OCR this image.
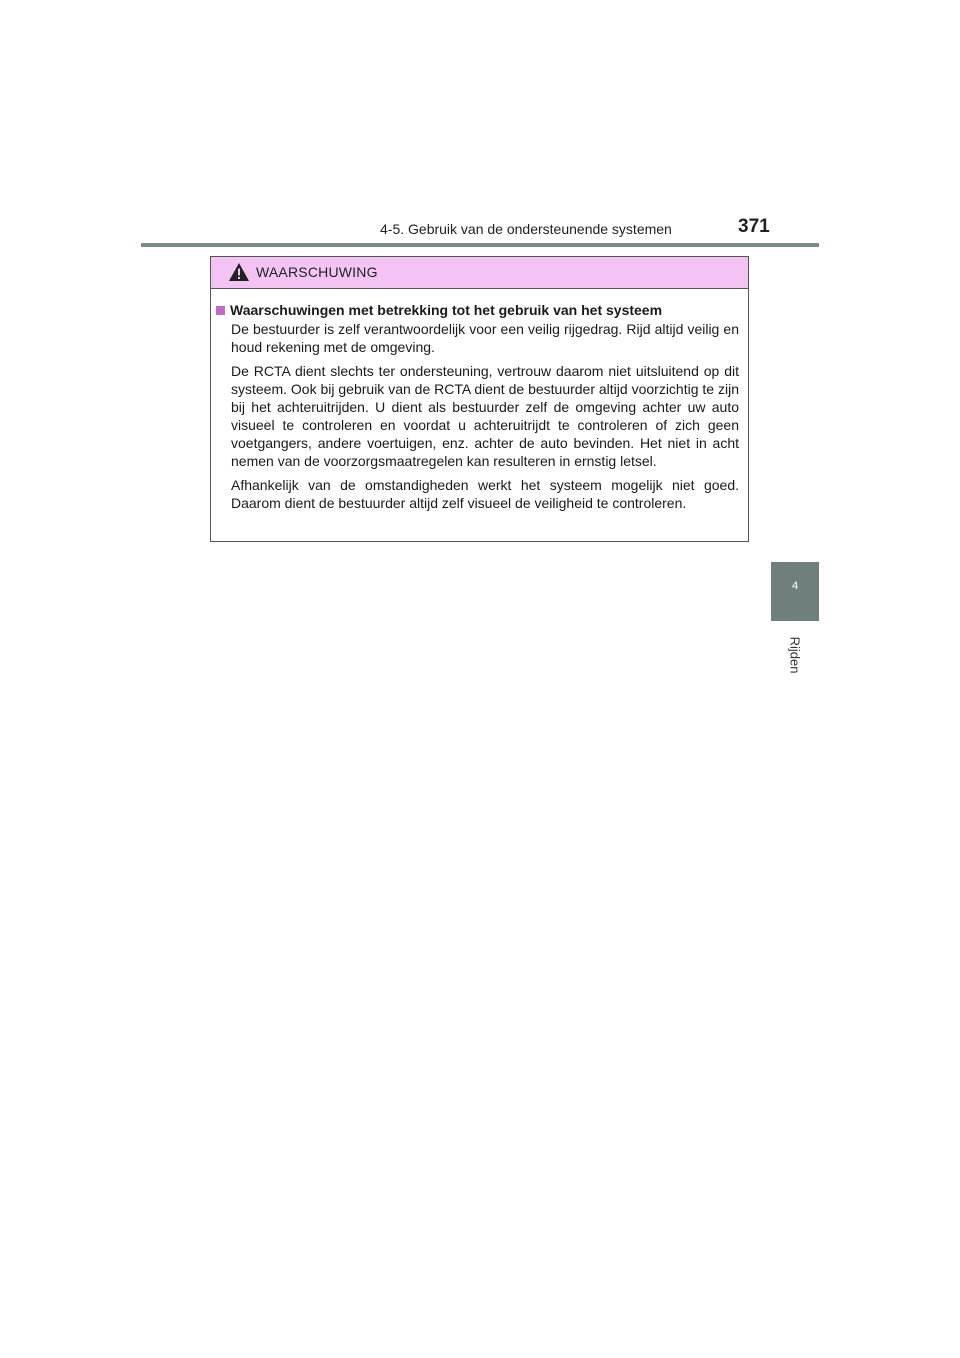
4-5. Gebruik van de ondersteunende systemen	371
4
Rijden
WAARSCHUWING
Waarschuwingen met betrekking tot het gebruik van het systeem

De bestuurder is zelf verantwoordelijk voor een veilig rijgedrag. Rijd altijd veilig en houd rekening met de omgeving.

De RCTA dient slechts ter ondersteuning, vertrouw daarom niet uitsluitend op dit systeem. Ook bij gebruik van de RCTA dient de bestuurder altijd voorzichtig te zijn bij het achteruitrijden. U dient als bestuurder zelf de omgeving achter uw auto visueel te controleren en voordat u achteruitrijdt te controleren of zich geen voetgangers, andere voertuigen, enz. achter de auto bevinden. Het niet in acht nemen van de voorzorgsmaatregelen kan resulteren in ernstig letsel.

Afhankelijk van de omstandigheden werkt het systeem mogelijk niet goed. Daarom dient de bestuurder altijd zelf visueel de veiligheid te controleren.
